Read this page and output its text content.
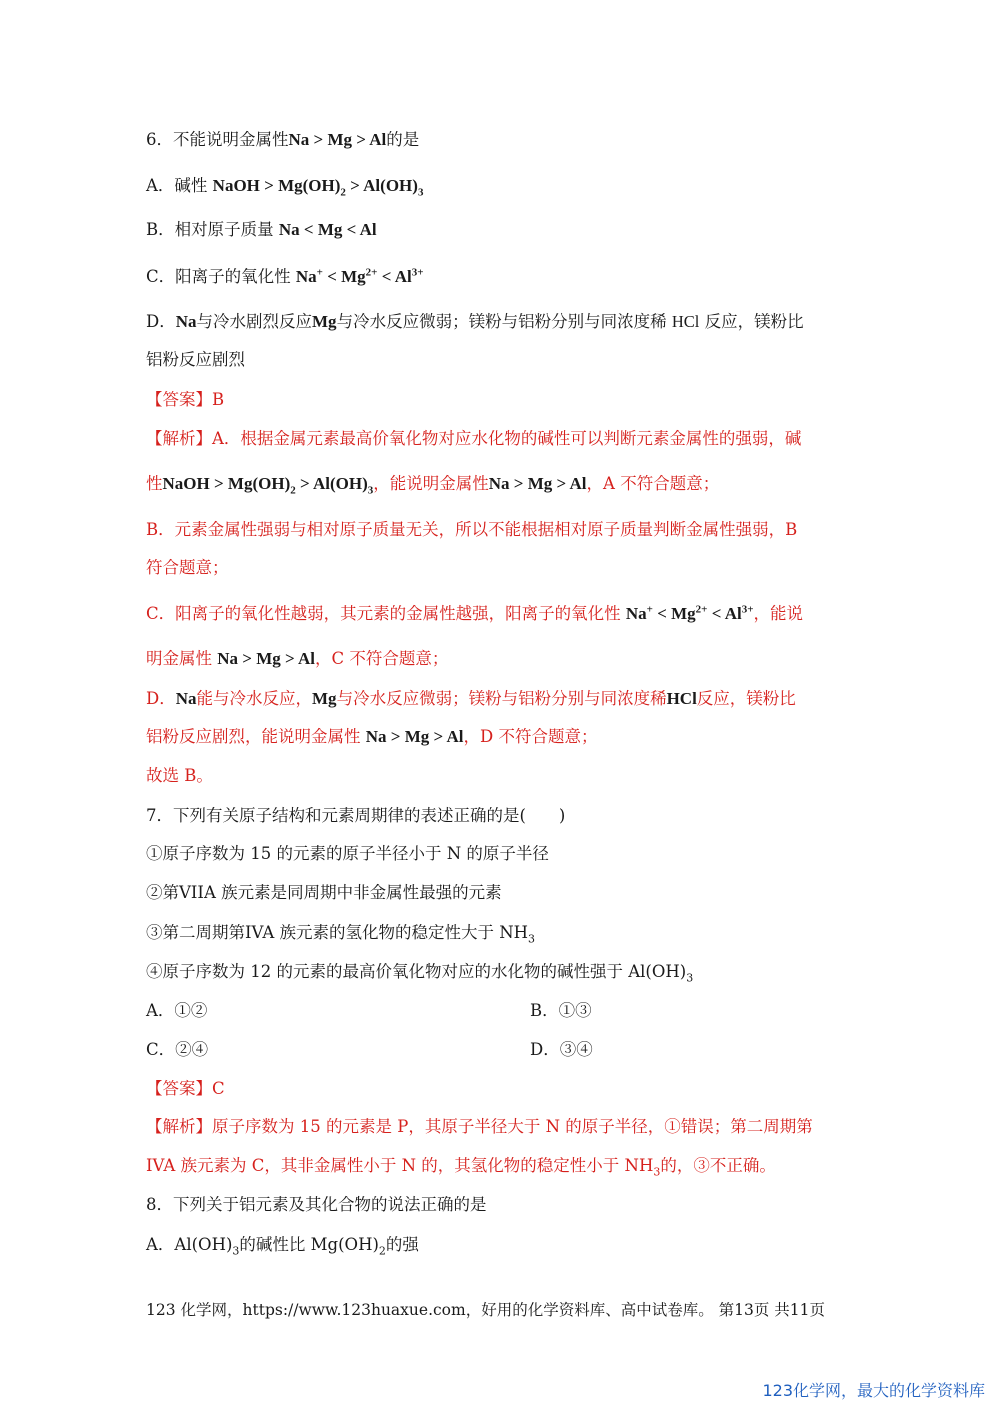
6．不能说明金属性Na > Mg > Al的是
A．碱性 NaOH > $Mg(OH)_2 > Al(OH)_3$
B．相对原子质量 Na < Mg < Al
C．阳离子的氧化性 $Na^+ < Mg^{2+} < Al^{3+}$
D．Na与冷水剧烈反应Mg与冷水反应微弱；镁粉与铝粉分别与同浓度稀 HCl 反应，镁粉比
铝粉反应剧烈
【答案】B
【解析】A．根据金属元素最高价氧化物对应水化物的碱性可以判断元素金属性的强弱，碱
性NaOH > $Mg(OH)_2 > Al(OH)_3$，能说明金属性Na > Mg > Al，A 不符合题意；
B．元素金属性强弱与相对原子质量无关，所以不能根据相对原子质量判断金属性强弱，B
符合题意；
C．阳离子的氧化性越弱，其元素的金属性越强，阳离子的氧化性 $Na^+ < Mg^{2+} < Al^{3+}$，能说
明金属性 Na > Mg > Al，C 不符合题意；
D．Na能与冷水反应，Mg与冷水反应微弱；镁粉与铝粉分别与同浓度稀HCl反应，镁粉比
铝粉反应剧烈，能说明金属性 Na > Mg > Al，D 不符合题意；
故选 B。
7．下列有关原子结构和元素周期律的表述正确的是(　　)
①原子序数为 15 的元素的原子半径小于 N 的原子半径
②第VIIA 族元素是同周期中非金属性最强的元素
③第二周期第IVA 族元素的氢化物的稳定性大于 $NH_3$
④原子序数为 12 的元素的最高价氧化物对应的水化物的碱性强于 $Al(OH)_3$
A．①②	B．①③
C．②④	D．③④
【答案】C
【解析】原子序数为 15 的元素是 P，其原子半径大于 N 的原子半径，①错误；第二周期第
IVA 族元素为 C，其非金属性小于 N 的，其氢化物的稳定性小于 $NH_3$的，③不正确。
8．下列关于铝元素及其化合物的说法正确的是
A．$Al(OH)_3$的碱性比 $Mg(OH)_2$的强
123 化学网，https://www.123huaxue.com，好用的化学资料库、高中试卷库。 第13页 共11页
123化学网，最大的化学资料库
